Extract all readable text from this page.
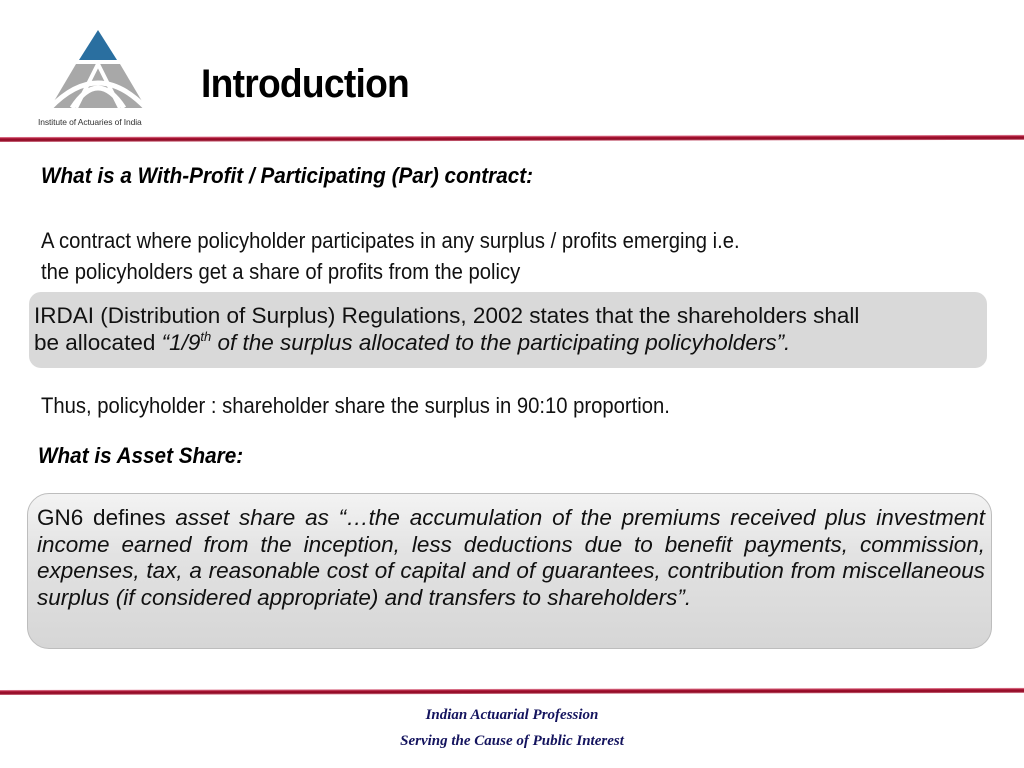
Institute of Actuaries of India
Introduction
What is a With-Profit / Participating (Par) contract:
A contract where policyholder participates in any surplus / profits emerging i.e.
the policyholders get a share of profits from the policy
IRDAI (Distribution of Surplus) Regulations, 2002 states that the shareholders shall
be allocated “1/9th of the surplus allocated to the participating policyholders”.
Thus, policyholder : shareholder share the surplus in 90:10 proportion.
What is Asset Share:
GN6 defines asset share as “…the accumulation of the premiums received plus investment income earned from the inception, less deductions due to benefit payments, commission, expenses, tax, a reasonable cost of capital and of guarantees, contribution from miscellaneous surplus (if considered appropriate) and transfers to shareholders”.
Indian Actuarial Profession
Serving the Cause of Public Interest
